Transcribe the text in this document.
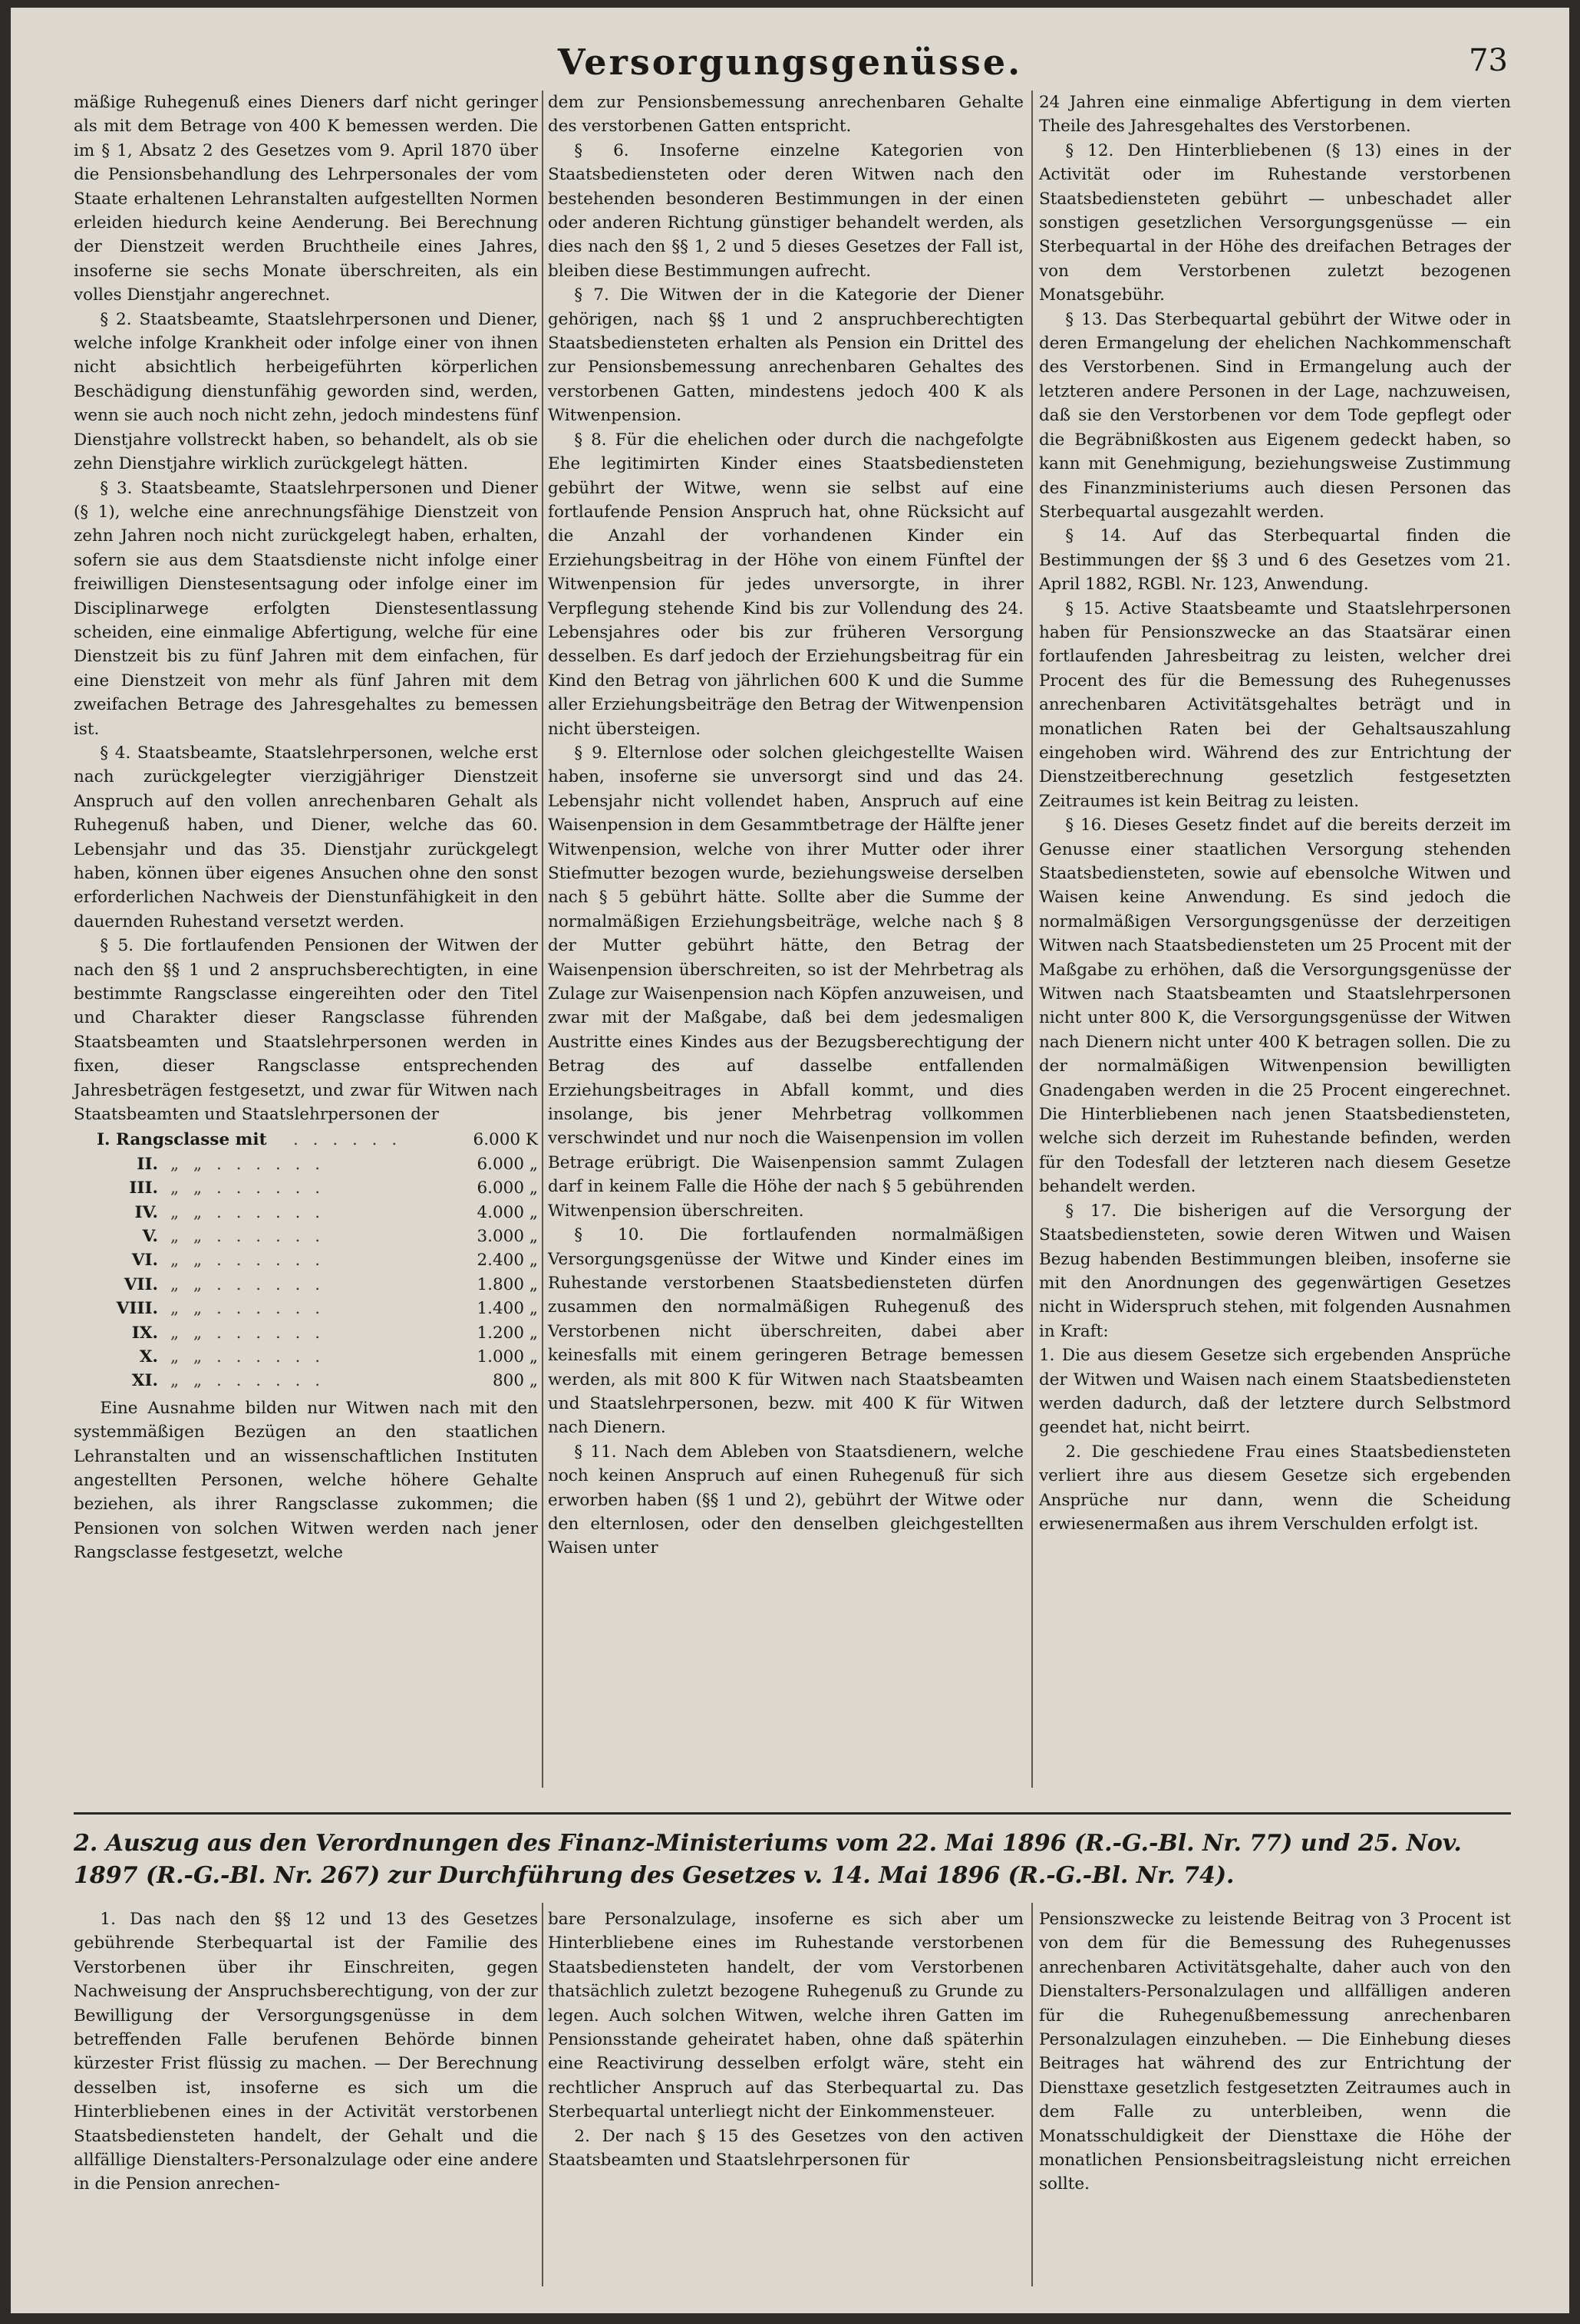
Versorgungsgenüsse.	73

mäßige Ruhegenuß eines Dieners darf nicht geringer als mit dem Betrage von 400 K bemessen werden. Die im § 1, Absatz 2 des Gesetzes vom 9. April 1870 über die Pensionsbehandlung des Lehrpersonales der vom Staate erhaltenen Lehranstalten aufgestellten Normen erleiden hiedurch keine Aenderung. Bei Berechnung der Dienstzeit werden Bruchtheile eines Jahres, insoferne sie sechs Monate überschreiten, als ein volles Dienstjahr angerechnet.

§ 2. Staatsbeamte, Staatslehrpersonen und Diener, welche infolge Krankheit oder infolge einer von ihnen nicht absichtlich herbeigeführten körperlichen Beschädigung dienstunfähig geworden sind, werden, wenn sie auch noch nicht zehn, jedoch mindestens fünf Dienstjahre vollstreckt haben, so behandelt, als ob sie zehn Dienstjahre wirklich zurückgelegt hätten.

§ 3. Staatsbeamte, Staatslehrpersonen und Diener (§ 1), welche eine anrechnungsfähige Dienstzeit von zehn Jahren noch nicht zurückgelegt haben, erhalten, sofern sie aus dem Staatsdienste nicht infolge einer freiwilligen Dienstesentsagung oder infolge einer im Disciplinarwege erfolgten Dienstesentlassung scheiden, eine einmalige Abfertigung, welche für eine Dienstzeit bis zu fünf Jahren mit dem einfachen, für eine Dienstzeit von mehr als fünf Jahren mit dem zweifachen Betrage des Jahresgehaltes zu bemessen ist.

§ 4. Staatsbeamte, Staatslehrpersonen, welche erst nach zurückgelegter vierzigjähriger Dienstzeit Anspruch auf den vollen anrechenbaren Gehalt als Ruhegenuß haben, und Diener, welche das 60. Lebensjahr und das 35. Dienstjahr zurückgelegt haben, können über eigenes Ansuchen ohne den sonst erforderlichen Nachweis der Dienstunfähigkeit in den dauernden Ruhestand versetzt werden.

§ 5. Die fortlaufenden Pensionen der Witwen der nach den §§ 1 und 2 anspruchsberechtigten, in eine bestimmte Rangsclasse eingereihten oder den Titel und Charakter dieser Rangsclasse führenden Staatsbeamten und Staatslehrpersonen werden in fixen, dieser Rangsclasse entsprechenden Jahresbeträgen festgesetzt, und zwar für Witwen nach Staatsbeamten und Staatslehrpersonen der

I. Rangsclasse mit	. . . . . .	6.000 K
II. „ „ . . . . . .	6.000 „
III. „ „ . . . . . .	6.000 „
IV. „ „ . . . . . .	4.000 „
V. „ „ . . . . . .	3.000 „
VI. „ „ . . . . . .	2.400 „
VII. „ „ . . . . . .	1.800 „
VIII. „ „ . . . . . .	1.400 „
IX. „ „ . . . . . .	1.200 „
X. „ „ . . . . . .	1.000 „
XI. „ „ . . . . . .	800 „

Eine Ausnahme bilden nur Witwen nach mit den systemmäßigen Bezügen an den staatlichen Lehranstalten und an wissenschaftlichen Instituten angestellten Personen, welche höhere Gehalte beziehen, als ihrer Rangsclasse zukommen; die Pensionen von solchen Witwen werden nach jener Rangsclasse festgesetzt, welche

dem zur Pensionsbemessung anrechenbaren Gehalte des verstorbenen Gatten entspricht.

§ 6. Insoferne einzelne Kategorien von Staatsbediensteten oder deren Witwen nach den bestehenden besonderen Bestimmungen in der einen oder anderen Richtung günstiger behandelt werden, als dies nach den §§ 1, 2 und 5 dieses Gesetzes der Fall ist, bleiben diese Bestimmungen aufrecht.

§ 7. Die Witwen der in die Kategorie der Diener gehörigen, nach §§ 1 und 2 anspruchberechtigten Staatsbediensteten erhalten als Pension ein Drittel des zur Pensionsbemessung anrechenbaren Gehaltes des verstorbenen Gatten, mindestens jedoch 400 K als Witwenpension.

§ 8. Für die ehelichen oder durch die nachgefolgte Ehe legitimirten Kinder eines Staatsbediensteten gebührt der Witwe, wenn sie selbst auf eine fortlaufende Pension Anspruch hat, ohne Rücksicht auf die Anzahl der vorhandenen Kinder ein Erziehungsbeitrag in der Höhe von einem Fünftel der Witwenpension für jedes unversorgte, in ihrer Verpflegung stehende Kind bis zur Vollendung des 24. Lebensjahres oder bis zur früheren Versorgung desselben. Es darf jedoch der Erziehungsbeitrag für ein Kind den Betrag von jährlichen 600 K und die Summe aller Erziehungsbeiträge den Betrag der Witwenpension nicht übersteigen.

§ 9. Elternlose oder solchen gleichgestellte Waisen haben, insoferne sie unversorgt sind und das 24. Lebensjahr nicht vollendet haben, Anspruch auf eine Waisenpension in dem Gesammtbetrage der Hälfte jener Witwenpension, welche von ihrer Mutter oder ihrer Stiefmutter bezogen wurde, beziehungsweise derselben nach § 5 gebührt hätte. Sollte aber die Summe der normalmäßigen Erziehungsbeiträge, welche nach § 8 der Mutter gebührt hätte, den Betrag der Waisenpension überschreiten, so ist der Mehrbetrag als Zulage zur Waisenpension nach Köpfen anzuweisen, und zwar mit der Maßgabe, daß bei dem jedesmaligen Austritte eines Kindes aus der Bezugsberechtigung der Betrag des auf dasselbe entfallenden Erziehungsbeitrages in Abfall kommt, und dies insolange, bis jener Mehrbetrag vollkommen verschwindet und nur noch die Waisenpension im vollen Betrage erübrigt. Die Waisenpension sammt Zulagen darf in keinem Falle die Höhe der nach § 5 gebührenden Witwenpension überschreiten.

§ 10. Die fortlaufenden normalmäßigen Versorgungsgenüsse der Witwe und Kinder eines im Ruhestande verstorbenen Staatsbediensteten dürfen zusammen den normalmäßigen Ruhegenuß des Verstorbenen nicht überschreiten, dabei aber keinesfalls mit einem geringeren Betrage bemessen werden, als mit 800 K für Witwen nach Staatsbeamten und Staatslehrpersonen, bezw. mit 400 K für Witwen nach Dienern.

§ 11. Nach dem Ableben von Staatsdienern, welche noch keinen Anspruch auf einen Ruhegenuß für sich erworben haben (§§ 1 und 2), gebührt der Witwe oder den elternlosen, oder den denselben gleichgestellten Waisen unter

24 Jahren eine einmalige Abfertigung in dem vierten Theile des Jahresgehaltes des Verstorbenen.

§ 12. Den Hinterbliebenen (§ 13) eines in der Activität oder im Ruhestande verstorbenen Staatsbediensteten gebührt — unbeschadet aller sonstigen gesetzlichen Versorgungsgenüsse — ein Sterbequartal in der Höhe des dreifachen Betrages der von dem Verstorbenen zuletzt bezogenen Monatsgebühr.

§ 13. Das Sterbequartal gebührt der Witwe oder in deren Ermangelung der ehelichen Nachkommenschaft des Verstorbenen. Sind in Ermangelung auch der letzteren andere Personen in der Lage, nachzuweisen, daß sie den Verstorbenen vor dem Tode gepflegt oder die Begräbnißkosten aus Eigenem gedeckt haben, so kann mit Genehmigung, beziehungsweise Zustimmung des Finanzministeriums auch diesen Personen das Sterbequartal ausgezahlt werden.

§ 14. Auf das Sterbequartal finden die Bestimmungen der §§ 3 und 6 des Gesetzes vom 21. April 1882, RGBl. Nr. 123, Anwendung.

§ 15. Active Staatsbeamte und Staatslehrpersonen haben für Pensionszwecke an das Staatsärar einen fortlaufenden Jahresbeitrag zu leisten, welcher drei Procent des für die Bemessung des Ruhegenusses anrechenbaren Activitätsgehaltes beträgt und in monatlichen Raten bei der Gehaltsauszahlung eingehoben wird. Während des zur Entrichtung der Dienstzeitberechnung gesetzlich festgesetzten Zeitraumes ist kein Beitrag zu leisten.

§ 16. Dieses Gesetz findet auf die bereits derzeit im Genusse einer staatlichen Versorgung stehenden Staatsbediensteten, sowie auf ebensolche Witwen und Waisen keine Anwendung. Es sind jedoch die normalmäßigen Versorgungsgenüsse der derzeitigen Witwen nach Staatsbediensteten um 25 Procent mit der Maßgabe zu erhöhen, daß die Versorgungsgenüsse der Witwen nach Staatsbeamten und Staatslehrpersonen nicht unter 800 K, die Versorgungsgenüsse der Witwen nach Dienern nicht unter 400 K betragen sollen. Die zu der normalmäßigen Witwenpension bewilligten Gnadengaben werden in die 25 Procent eingerechnet. Die Hinterbliebenen nach jenen Staatsbediensteten, welche sich derzeit im Ruhestande befinden, werden für den Todesfall der letzteren nach diesem Gesetze behandelt werden.

§ 17. Die bisherigen auf die Versorgung der Staatsbediensteten, sowie deren Witwen und Waisen Bezug habenden Bestimmungen bleiben, insoferne sie mit den Anordnungen des gegenwärtigen Gesetzes nicht in Widerspruch stehen, mit folgenden Ausnahmen in Kraft:

1. Die aus diesem Gesetze sich ergebenden Ansprüche der Witwen und Waisen nach einem Staatsbediensteten werden dadurch, daß der letztere durch Selbstmord geendet hat, nicht beirrt.

2. Die geschiedene Frau eines Staatsbediensteten verliert ihre aus diesem Gesetze sich ergebenden Ansprüche nur dann, wenn die Scheidung erwiesenermaßen aus ihrem Verschulden erfolgt ist.

2. Auszug aus den Verordnungen des Finanz-Ministeriums vom 22. Mai 1896 (R.-G.-Bl. Nr. 77) und 25. Nov. 1897 (R.-G.-Bl. Nr. 267) zur Durchführung des Gesetzes v. 14. Mai 1896 (R.-G.-Bl. Nr. 74).

1. Das nach den §§ 12 und 13 des Gesetzes gebührende Sterbequartal ist der Familie des Verstorbenen über ihr Einschreiten, gegen Nachweisung der Anspruchsberechtigung, von der zur Bewilligung der Versorgungsgenüsse in dem betreffenden Falle berufenen Behörde binnen kürzester Frist flüssig zu machen. — Der Berechnung desselben ist, insoferne es sich um die Hinterbliebenen eines in der Activität verstorbenen Staatsbediensteten handelt, der Gehalt und die allfällige Dienstalters-Personalzulage oder eine andere in die Pension anrechen-

bare Personalzulage, insoferne es sich aber um Hinterbliebene eines im Ruhestande verstorbenen Staatsbediensteten handelt, der vom Verstorbenen thatsächlich zuletzt bezogene Ruhegenuß zu Grunde zu legen. Auch solchen Witwen, welche ihren Gatten im Pensionsstande geheiratet haben, ohne daß späterhin eine Reactivirung desselben erfolgt wäre, steht ein rechtlicher Anspruch auf das Sterbequartal zu. Das Sterbequartal unterliegt nicht der Einkommensteuer.

2. Der nach § 15 des Gesetzes von den activen Staatsbeamten und Staatslehrpersonen für

Pensionszwecke zu leistende Beitrag von 3 Procent ist von dem für die Bemessung des Ruhegenusses anrechenbaren Activitätsgehalte, daher auch von den Dienstalters-Personalzulagen und allfälligen anderen für die Ruhegenußbemessung anrechenbaren Personalzulagen einzuheben. — Die Einhebung dieses Beitrages hat während des zur Entrichtung der Diensttaxe gesetzlich festgesetzten Zeitraumes auch in dem Falle zu unterbleiben, wenn die Monatsschuldigkeit der Diensttaxe die Höhe der monatlichen Pensionsbeitragsleistung nicht erreichen sollte.
